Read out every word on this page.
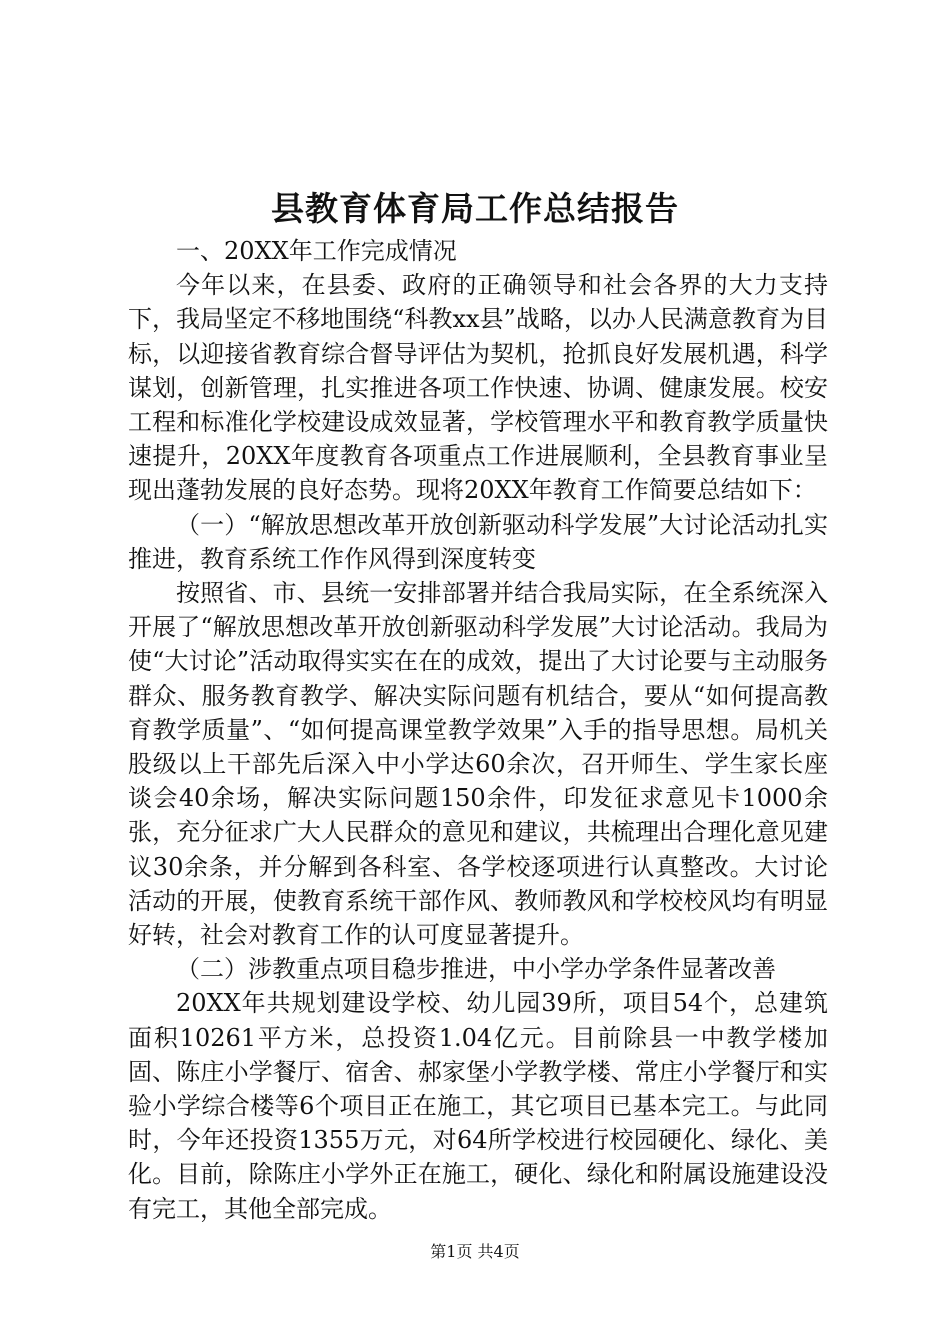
县教育体育局工作总结报告

一、20XX年工作完成情况

今年以来，在县委、政府的正确领导和社会各界的大力支持下，我局坚定不移地围绕“科教xx县”战略，以办人民满意教育为目标，以迎接省教育综合督导评估为契机，抢抓良好发展机遇，科学谋划，创新管理，扎实推进各项工作快速、协调、健康发展。校安工程和标准化学校建设成效显著，学校管理水平和教育教学质量快速提升，20XX年度教育各项重点工作进展顺利，全县教育事业呈现出蓬勃发展的良好态势。现将20XX年教育工作简要总结如下：

（一）“解放思想改革开放创新驱动科学发展”大讨论活动扎实推进，教育系统工作作风得到深度转变

按照省、市、县统一安排部署并结合我局实际，在全系统深入开展了“解放思想改革开放创新驱动科学发展”大讨论活动。我局为使“大讨论”活动取得实实在在的成效，提出了大讨论要与主动服务群众、服务教育教学、解决实际问题有机结合，要从“如何提高教育教学质量”、“如何提高课堂教学效果”入手的指导思想。局机关股级以上干部先后深入中小学达60余次，召开师生、学生家长座谈会40余场，解决实际问题150余件，印发征求意见卡1000余张，充分征求广大人民群众的意见和建议，共梳理出合理化意见建议30余条，并分解到各科室、各学校逐项进行认真整改。大讨论活动的开展，使教育系统干部作风、教师教风和学校校风均有明显好转，社会对教育工作的认可度显著提升。

（二）涉教重点项目稳步推进，中小学办学条件显著改善

20XX年共规划建设学校、幼儿园39所，项目54个，总建筑面积10261平方米，总投资1.04亿元。目前除县一中教学楼加固、陈庄小学餐厅、宿舍、郝家堡小学教学楼、常庄小学餐厅和实验小学综合楼等6个项目正在施工，其它项目已基本完工。与此同时，今年还投资1355万元，对64所学校进行校园硬化、绿化、美化。目前，除陈庄小学外正在施工，硬化、绿化和附属设施建设没有完工，其他全部完成。

第1页 共4页
